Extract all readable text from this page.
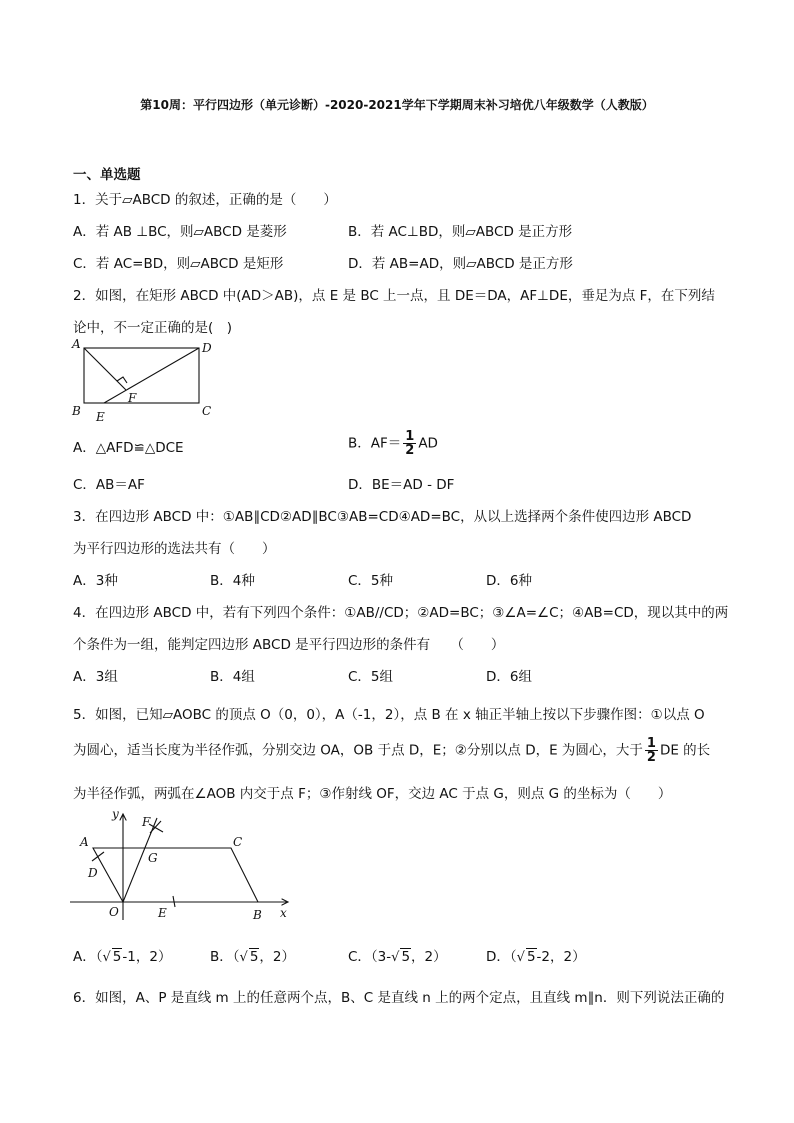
第10周：平行四边形（单元诊断）-2020-2021学年下学期周末补习培优八年级数学（人教版）
一、单选题
1．关于▱ABCD 的叙述，正确的是（　　）
A．若 AB ⊥BC，则▱ABCD 是菱形	B．若 AC⊥BD，则▱ABCD 是正方形
C．若 AC=BD，则▱ABCD 是矩形	D．若 AB=AD，则▱ABCD 是正方形
2．如图，在矩形 ABCD 中(AD＞AB)，点 E 是 BC 上一点，且 DE＝DA，AF⊥DE，垂足为点 F，在下列结
论中，不一定正确的是(　)
A	D
B	C
E
F
A．△AFD≌△DCE	B．$AF= \frac{1}{2}$ AD
C．AB＝AF	D．BE＝AD - DF
3．在四边形 ABCD 中：①AB∥CD②AD∥BC③AB=CD④AD=BC，从以上选择两个条件使四边形 ABCD
为平行四边形的选法共有（　　）
A．3种	B．4种	C．5种	D．6种
4．在四边形 ABCD 中，若有下列四个条件：①AB//CD；②AD=BC；③∠A=∠C；④AB=CD，现以其中的两
个条件为一组，能判定四边形 ABCD 是平行四边形的条件有　　（　　）
A．3组	B．4组	C．5组	D．6组
5．如图，已知▱AOBC 的顶点 O（0，0），A（-1，2），点 B 在 x 轴正半轴上按以下步骤作图：①以点 O
为圆心，适当长度为半径作弧，分别交边 OA，OB 于点 D，E；②分别以点 D，E 为圆心，大于 $\frac{1}{2}$ DE 的长
为半径作弧，两弧在∠AOB 内交于点 F；③作射线 OF，交边 AC 于点 G，则点 G 的坐标为（　　）
y
x
A	C
D
F
G
O	E	B
A．（√ 5-1，2）	B．（√ 5，2）	C．（3-√ 5，2）	D．（√ 5-2，2）
6．如图，A、P 是直线 m 上的任意两个点，B、C 是直线 n 上的两个定点，且直线 m∥n．则下列说法正确的
